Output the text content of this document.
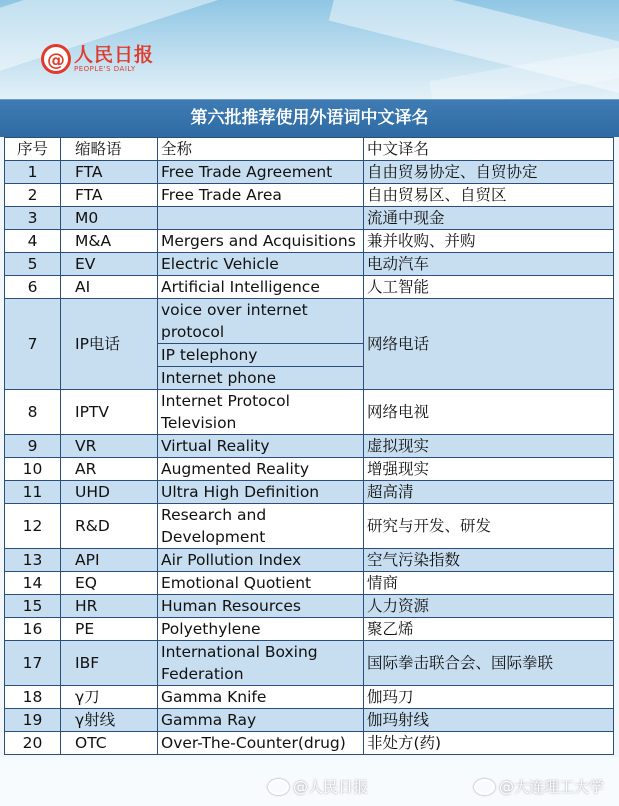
@ 人民日报
PEOPLE'S DAILY
第六批推荐使用外语词中文译名
序号	缩略语	全称	中文译名
1	FTA	Free Trade Agreement	自由贸易协定、自贸协定
2	FTA	Free Trade Area	自由贸易区、自贸区
3	M0		流通中现金
4	M&A	Mergers and Acquisitions	兼并收购、并购
5	EV	Electric Vehicle	电动汽车
6	AI	Artificial Intelligence	人工智能
7	IP电话	voice over internet protocol
IP telephony
Internet phone	网络电话
8	IPTV	Internet Protocol Television	网络电视
9	VR	Virtual Reality	虚拟现实
10	AR	Augmented Reality	增强现实
11	UHD	Ultra High Definition	超高清
12	R&D	Research and Development	研究与开发、研发
13	API	Air Pollution Index	空气污染指数
14	EQ	Emotional Quotient	情商
15	HR	Human Resources	人力资源
16	PE	Polyethylene	聚乙烯
17	IBF	International Boxing Federation	国际拳击联合会、国际拳联
18	γ刀	Gamma Knife	伽玛刀
19	γ射线	Gamma Ray	伽玛射线
20	OTC	Over-The-Counter(drug)	非处方(药)
@人民日报	@大连理工大学
